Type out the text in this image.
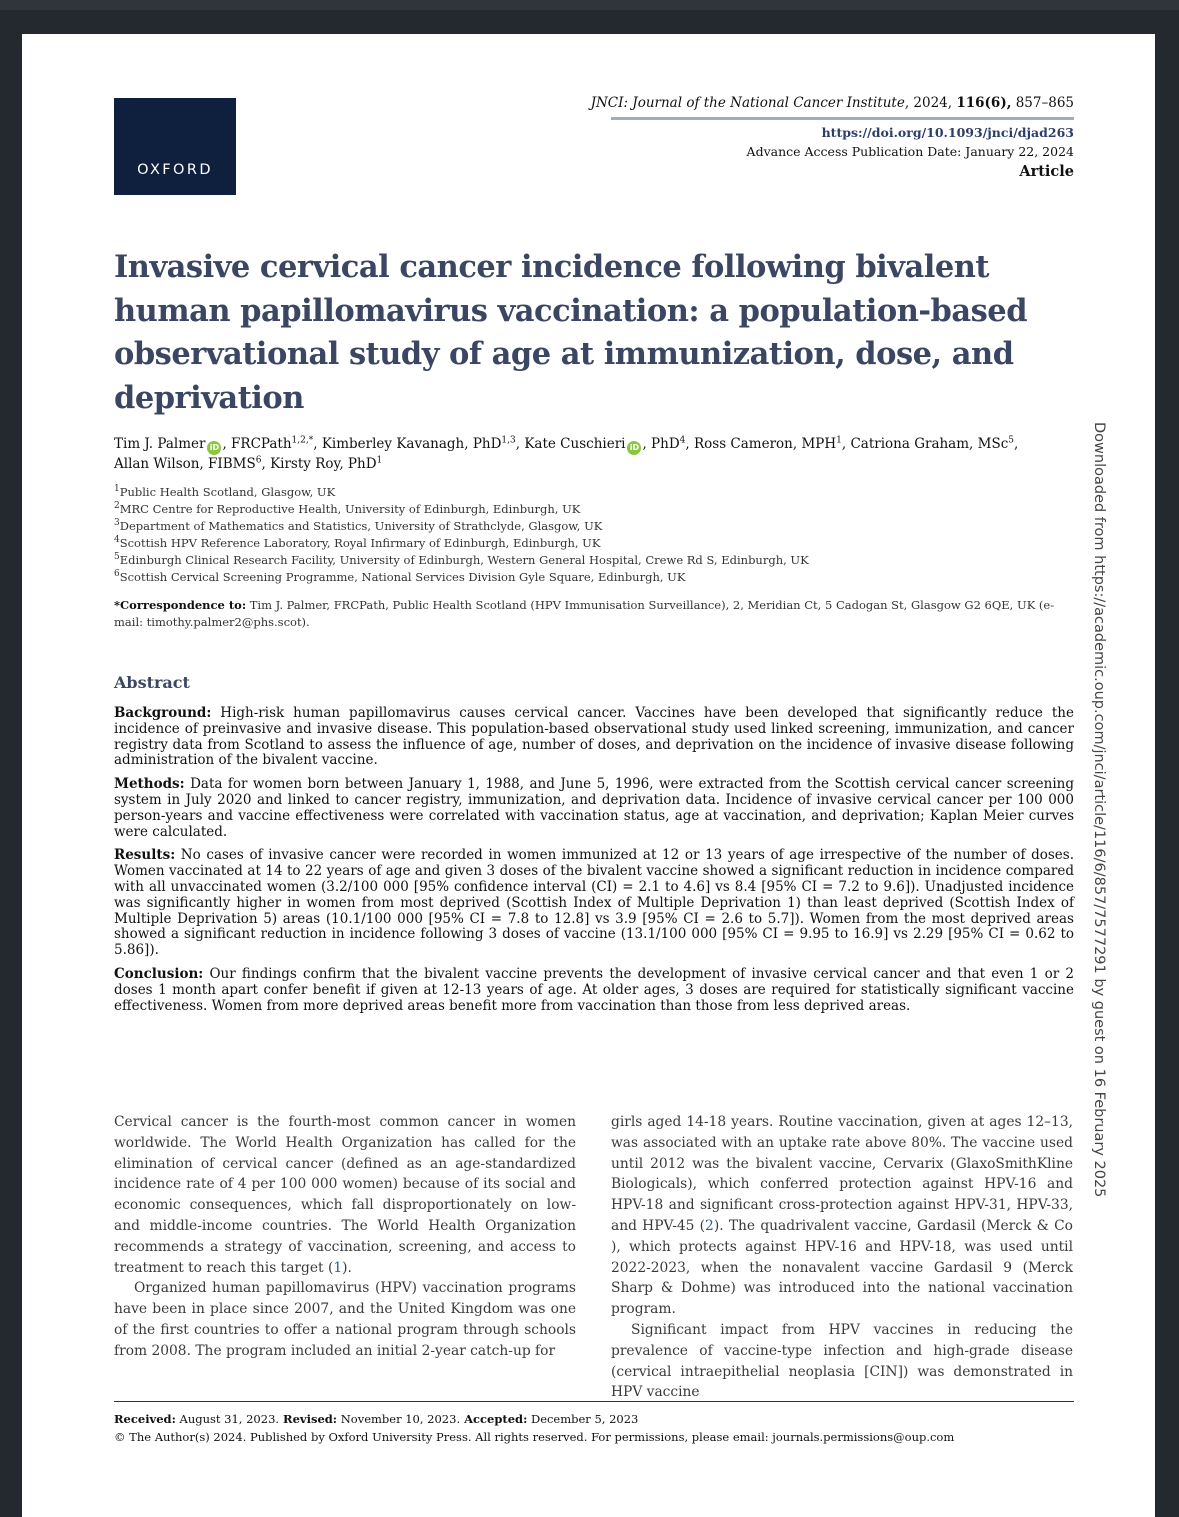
OXFORD
JNCI: Journal of the National Cancer Institute, 2024, 116(6), 857–865
https://doi.org/10.1093/jnci/djad263
Advance Access Publication Date: January 22, 2024
Article
Invasive cervical cancer incidence following bivalent human papillomavirus vaccination: a population-based observational study of age at immunization, dose, and deprivation
Tim J. Palmer iD , FRCPath$^{1,2,*}$, Kimberley Kavanagh, PhD$^{1,3}$, Kate Cuschieri iD , PhD$^4$, Ross Cameron, MPH$^1$, Catriona Graham, MSc$^5$,
Allan Wilson, FIBMS$^6$, Kirsty Roy, PhD$^1$
$^1$Public Health Scotland, Glasgow, UK
$^2$MRC Centre for Reproductive Health, University of Edinburgh, Edinburgh, UK
$^3$Department of Mathematics and Statistics, University of Strathclyde, Glasgow, UK
$^4$Scottish HPV Reference Laboratory, Royal Infirmary of Edinburgh, Edinburgh, UK
$^5$Edinburgh Clinical Research Facility, University of Edinburgh, Western General Hospital, Crewe Rd S, Edinburgh, UK
$^6$Scottish Cervical Screening Programme, National Services Division Gyle Square, Edinburgh, UK
*Correspondence to: Tim J. Palmer, FRCPath, Public Health Scotland (HPV Immunisation Surveillance), 2, Meridian Ct, 5 Cadogan St, Glasgow G2 6QE, UK (e-mail: timothy.palmer2@phs.scot).
Abstract

Background: High-risk human papillomavirus causes cervical cancer. Vaccines have been developed that significantly reduce the incidence of preinvasive and invasive disease. This population-based observational study used linked screening, immunization, and cancer registry data from Scotland to assess the influence of age, number of doses, and deprivation on the incidence of invasive disease following administration of the bivalent vaccine.

Methods: Data for women born between January 1, 1988, and June 5, 1996, were extracted from the Scottish cervical cancer screening system in July 2020 and linked to cancer registry, immunization, and deprivation data. Incidence of invasive cervical cancer per 100 000 person-years and vaccine effectiveness were correlated with vaccination status, age at vaccination, and deprivation; Kaplan Meier curves were calculated.

Results: No cases of invasive cancer were recorded in women immunized at 12 or 13 years of age irrespective of the number of doses. Women vaccinated at 14 to 22 years of age and given 3 doses of the bivalent vaccine showed a significant reduction in incidence compared with all unvaccinated women (3.2/100 000 [95% confidence interval (CI) = 2.1 to 4.6] vs 8.4 [95% CI = 7.2 to 9.6]). Unadjusted incidence was significantly higher in women from most deprived (Scottish Index of Multiple Deprivation 1) than least deprived (Scottish Index of Multiple Deprivation 5) areas (10.1/100 000 [95% CI = 7.8 to 12.8] vs 3.9 [95% CI = 2.6 to 5.7]). Women from the most deprived areas showed a significant reduction in incidence following 3 doses of vaccine (13.1/100 000 [95% CI = 9.95 to 16.9] vs 2.29 [95% CI = 0.62 to 5.86]).

Conclusion: Our findings confirm that the bivalent vaccine prevents the development of invasive cervical cancer and that even 1 or 2 doses 1 month apart confer benefit if given at 12-13 years of age. At older ages, 3 doses are required for statistically significant vaccine effectiveness. Women from more deprived areas benefit more from vaccination than those from less deprived areas.

Cervical cancer is the fourth-most common cancer in women worldwide. The World Health Organization has called for the elimination of cervical cancer (defined as an age-standardized incidence rate of 4 per 100 000 women) because of its social and economic consequences, which fall disproportionately on low- and middle-income countries. The World Health Organization recommends a strategy of vaccination, screening, and access to treatment to reach this target (1).

Organized human papillomavirus (HPV) vaccination programs have been in place since 2007, and the United Kingdom was one of the first countries to offer a national program through schools from 2008. The program included an initial 2-year catch-up for

girls aged 14-18 years. Routine vaccination, given at ages 12–13, was associated with an uptake rate above 80%. The vaccine used until 2012 was the bivalent vaccine, Cervarix (GlaxoSmithKline Biologicals), which conferred protection against HPV-16 and HPV-18 and significant cross-protection against HPV-31, HPV-33, and HPV-45 (2). The quadrivalent vaccine, Gardasil (Merck & Co ), which protects against HPV-16 and HPV-18, was used until 2022-2023, when the nonavalent vaccine Gardasil 9 (Merck Sharp & Dohme) was introduced into the national vaccination program.

Significant impact from HPV vaccines in reducing the prevalence of vaccine-type infection and high-grade disease (cervical intraepithelial neoplasia [CIN]) was demonstrated in HPV vaccine

Received: August 31, 2023. Revised: November 10, 2023. Accepted: December 5, 2023
© The Author(s) 2024. Published by Oxford University Press. All rights reserved. For permissions, please email: journals.permissions@oup.com
Downloaded from https://academic.oup.com/jnci/article/116/6/857/7577291 by guest on 16 February 2025
